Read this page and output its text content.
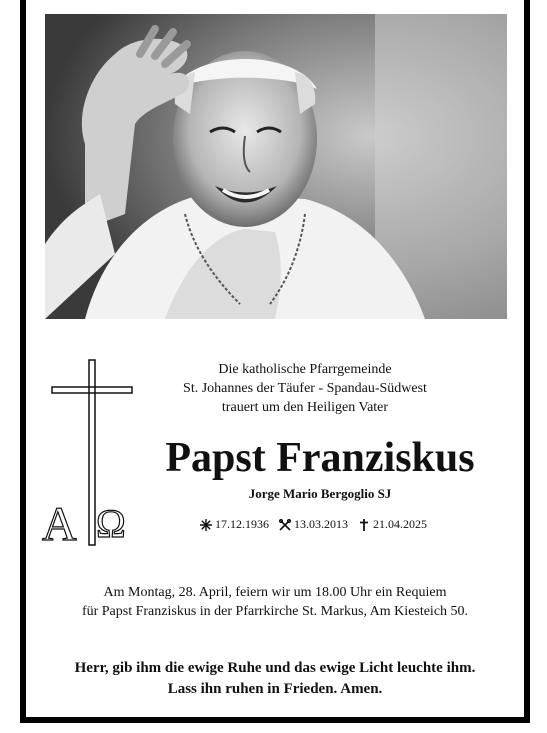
A Ω
Die katholische Pfarrgemeinde
St. Johannes der Täufer - Spandau-Südwest
trauert um den Heiligen Vater
Papst Franziskus
Jorge Mario Bergoglio SJ
17.12.1936 13.03.2013 21.04.2025
Am Montag, 28. April, feiern wir um 18.00 Uhr ein Requiem
für Papst Franziskus in der Pfarrkirche St. Markus, Am Kiesteich 50.
Herr, gib ihm die ewige Ruhe und das ewige Licht leuchte ihm.
Lass ihn ruhen in Frieden. Amen.
